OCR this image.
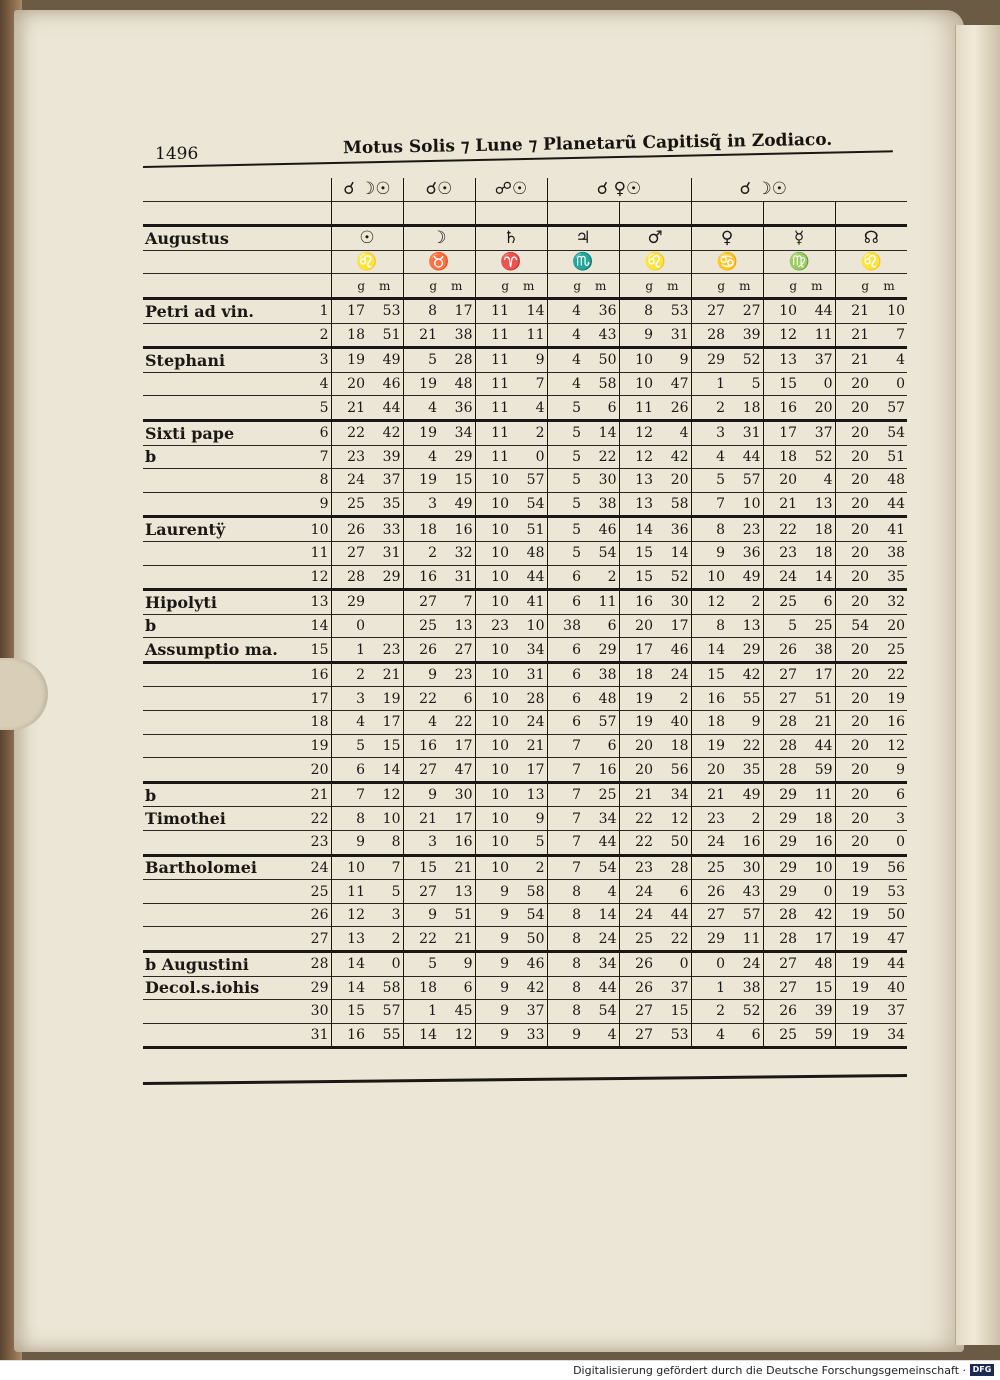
1496	Motus Solis ⁊ Lune ⁊ Planetarũ Capitisq̃ in Zodiaco.
		☌ ☽☉		☌☉		☍☉		☌ ♀☉				☌ ☽☉					

Augustus		☉		☽		♄		♃		♂		♀		☿		☊	
		♌		♉		♈		♏		♌		♋		♍		♌	
		g	m	g	m	g	m	g	m	g	m	g	m	g	m	g	m
Petri ad vin.	1	17	53	8	17	11	14	4	36	8	53	27	27	10	44	21	10
	2	18	51	21	38	11	11	4	43	9	31	28	39	12	11	21	7
Stephani	3	19	49	5	28	11	9	4	50	10	9	29	52	13	37	21	4
	4	20	46	19	48	11	7	4	58	10	47	1	5	15	0	20	0
	5	21	44	4	36	11	4	5	6	11	26	2	18	16	20	20	57
Sixti pape	6	22	42	19	34	11	2	5	14	12	4	3	31	17	37	20	54
b	7	23	39	4	29	11	0	5	22	12	42	4	44	18	52	20	51
	8	24	37	19	15	10	57	5	30	13	20	5	57	20	4	20	48
	9	25	35	3	49	10	54	5	38	13	58	7	10	21	13	20	44
Laurentÿ	10	26	33	18	16	10	51	5	46	14	36	8	23	22	18	20	41
	11	27	31	2	32	10	48	5	54	15	14	9	36	23	18	20	38
	12	28	29	16	31	10	44	6	2	15	52	10	49	24	14	20	35
Hipolyti	13	29		27	7	10	41	6	11	16	30	12	2	25	6	20	32
b	14	0		25	13	23	10	38	6	20	17	8	13	5	25	54	20
Assumptio ma.	15	1	23	26	27	10	34	6	29	17	46	14	29	26	38	20	25
	16	2	21	9	23	10	31	6	38	18	24	15	42	27	17	20	22
	17	3	19	22	6	10	28	6	48	19	2	16	55	27	51	20	19
	18	4	17	4	22	10	24	6	57	19	40	18	9	28	21	20	16
	19	5	15	16	17	10	21	7	6	20	18	19	22	28	44	20	12
	20	6	14	27	47	10	17	7	16	20	56	20	35	28	59	20	9
b	21	7	12	9	30	10	13	7	25	21	34	21	49	29	11	20	6
Timothei	22	8	10	21	17	10	9	7	34	22	12	23	2	29	18	20	3
	23	9	8	3	16	10	5	7	44	22	50	24	16	29	16	20	0
Bartholomei	24	10	7	15	21	10	2	7	54	23	28	25	30	29	10	19	56
	25	11	5	27	13	9	58	8	4	24	6	26	43	29	0	19	53
	26	12	3	9	51	9	54	8	14	24	44	27	57	28	42	19	50
	27	13	2	22	21	9	50	8	24	25	22	29	11	28	17	19	47
b Augustini	28	14	0	5	9	9	46	8	34	26	0	0	24	27	48	19	44
Decol.s.iohis	29	14	58	18	6	9	42	8	44	26	37	1	38	27	15	19	40
	30	15	57	1	45	9	37	8	54	27	15	2	52	26	39	19	37
	31	16	55	14	12	9	33	9	4	27	53	4	6	25	59	19	34
Digitalisierung gefördert durch die Deutsche Forschungsgemeinschaft · DFG
